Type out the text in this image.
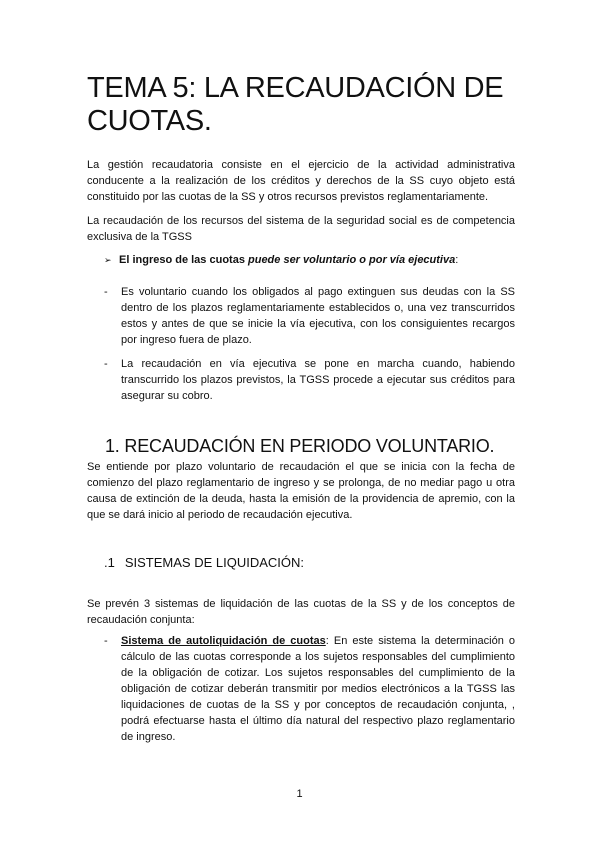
TEMA 5: LA RECAUDACIÓN DE CUOTAS.

La gestión recaudatoria consiste en el ejercicio de la actividad administrativa conducente a la realización de los créditos y derechos de la SS cuyo objeto está constituido por las cuotas de la SS y otros recursos previstos reglamentariamente.

La recaudación de los recursos del sistema de la seguridad social es de competencia exclusiva de la TGSS

➢ El ingreso de las cuotas puede ser voluntario o por vía ejecutiva:
- Es voluntario cuando los obligados al pago extinguen sus deudas con la SS dentro de los plazos reglamentariamente establecidos o, una vez transcurridos estos y antes de que se inicie la vía ejecutiva, con los consiguientes recargos por ingreso fuera de plazo.

- La recaudación en vía ejecutiva se pone en marcha cuando, habiendo transcurrido los plazos previstos, la TGSS procede a ejecutar sus créditos para asegurar su cobro.

1. RECAUDACIÓN EN PERIODO VOLUNTARIO.

Se entiende por plazo voluntario de recaudación el que se inicia con la fecha de comienzo del plazo reglamentario de ingreso y se prolonga, de no mediar pago u otra causa de extinción de la deuda, hasta la emisión de la providencia de apremio, con la que se dará inicio al periodo de recaudación ejecutiva.

.1 SISTEMAS DE LIQUIDACIÓN:

Se prevén 3 sistemas de liquidación de las cuotas de la SS y de los conceptos de recaudación conjunta:

- Sistema de autoliquidación de cuotas: En este sistema la determinación o cálculo de las cuotas corresponde a los sujetos responsables del cumplimiento de la obligación de cotizar. Los sujetos responsables del cumplimiento de la obligación de cotizar deberán transmitir por medios electrónicos a la TGSS las liquidaciones de cuotas de la SS y por conceptos de recaudación conjunta, , podrá efectuarse hasta el último día natural del respectivo plazo reglamentario de ingreso.

1
